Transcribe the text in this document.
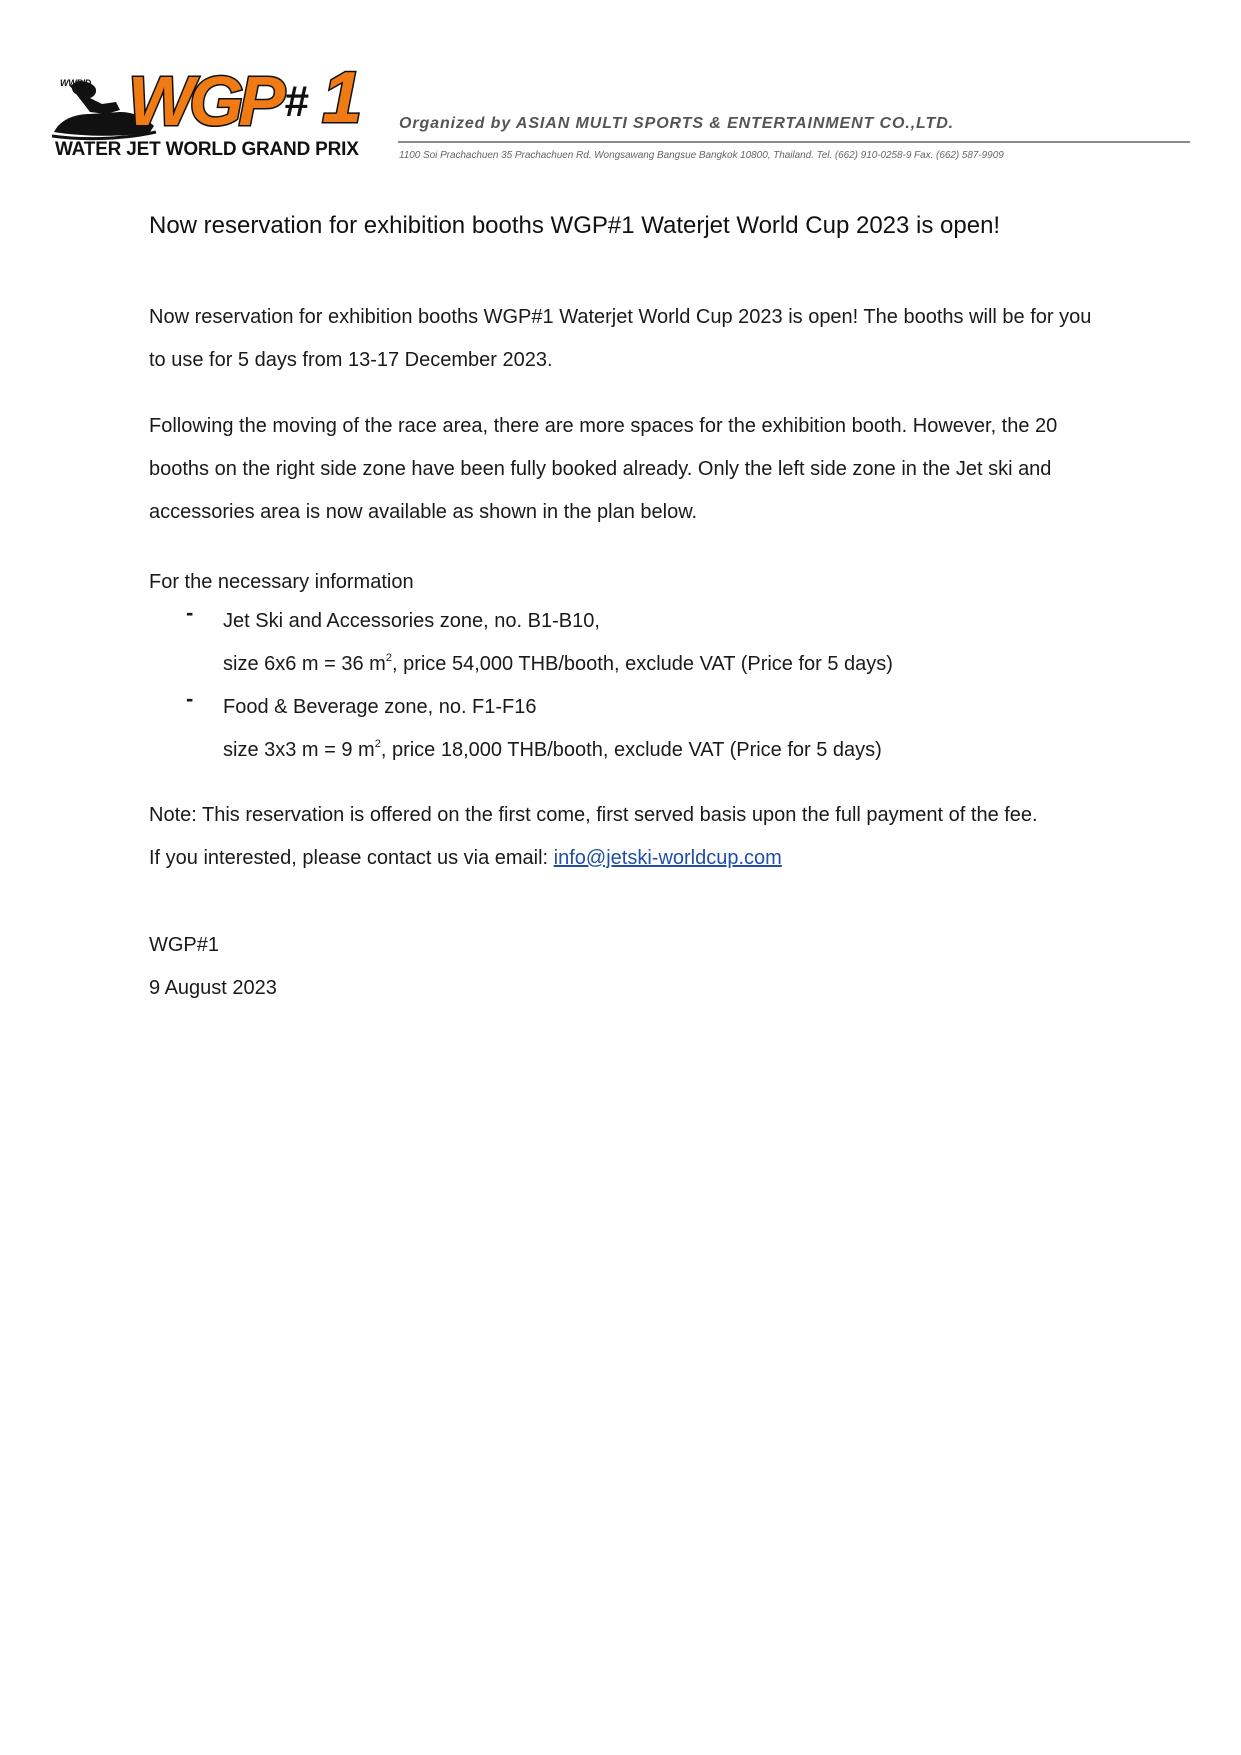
WWRID WGP # 1
WATER JET WORLD GRAND PRIX
Organized by ASIAN MULTI SPORTS & ENTERTAINMENT CO.,LTD.
1100 Soi Prachachuen 35 Prachachuen Rd. Wongsawang Bangsue Bangkok 10800, Thailand. Tel. (662) 910-0258-9 Fax. (662) 587-9909
Now reservation for exhibition booths WGP#1 Waterjet World Cup 2023 is open!

Now reservation for exhibition booths WGP#1 Waterjet World Cup 2023 is open! The booths will be for you to use for 5 days from 13-17 December 2023.

Following the moving of the race area, there are more spaces for the exhibition booth. However, the 20 booths on the right side zone have been fully booked already. Only the left side zone in the Jet ski and accessories area is now available as shown in the plan below.

For the necessary information

- Jet Ski and Accessories zone, no. B1-B10,
size 6x6 m = 36 $m^2$, price 54,000 THB/booth, exclude VAT (Price for 5 days)
- Food & Beverage zone, no. F1-F16
size 3x3 m = 9 $m^2$, price 18,000 THB/booth, exclude VAT (Price for 5 days)
Note: This reservation is offered on the first come, first served basis upon the full payment of the fee.
If you interested, please contact us via email: info@jetski-worldcup.com
WGP#1
9 August 2023
